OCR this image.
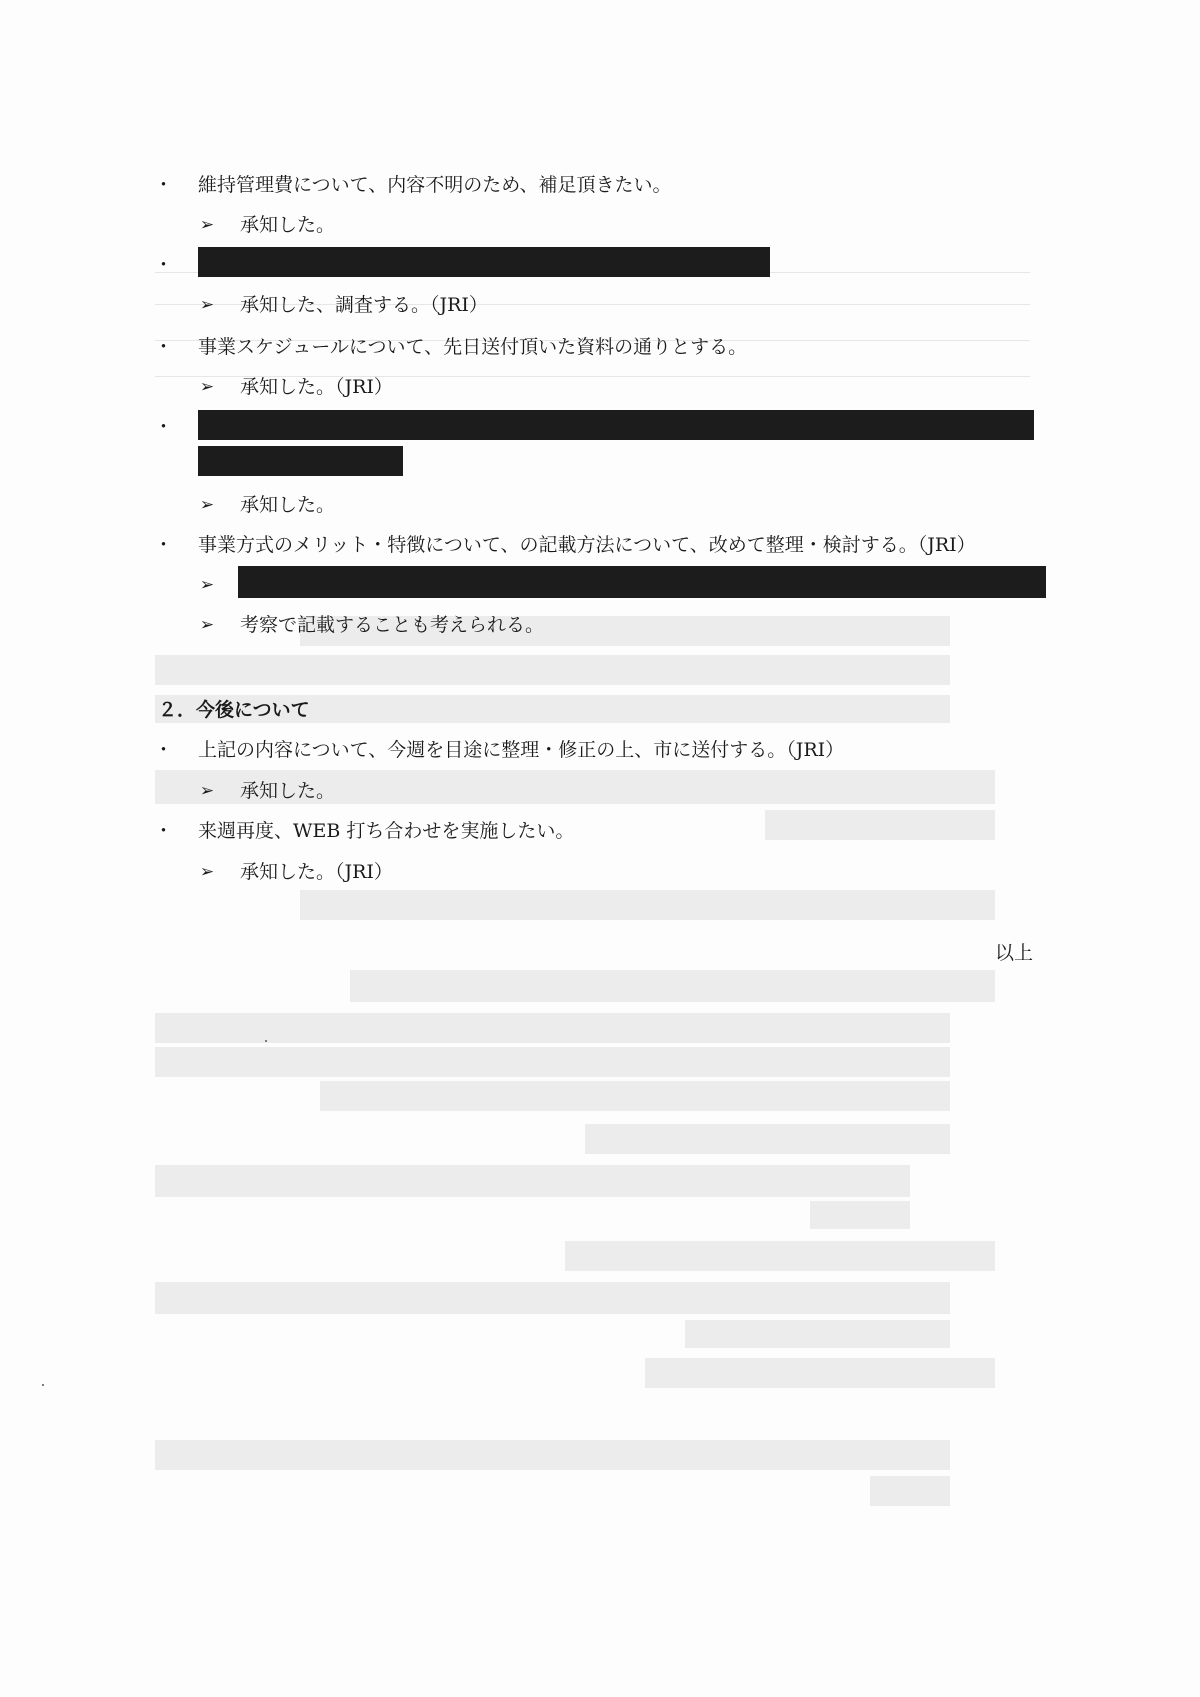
・ 維持管理費について、内容不明のため、補足頂きたい。
➢ 承知した。
・
➢ 承知した、調査する。（JRI）
・ 事業スケジュールについて、先日送付頂いた資料の通りとする。
➢ 承知した。（JRI）
・
➢ 承知した。
・ 事業方式のメリット・特徴について、の記載方法について、改めて整理・検討する。（JRI）
➢
➢ 考察で記載することも考えられる。
２．今後について
・ 上記の内容について、今週を目途に整理・修正の上、市に送付する。（JRI）
➢ 承知した。
・ 来週再度、WEB 打ち合わせを実施したい。
➢ 承知した。（JRI）
以上
